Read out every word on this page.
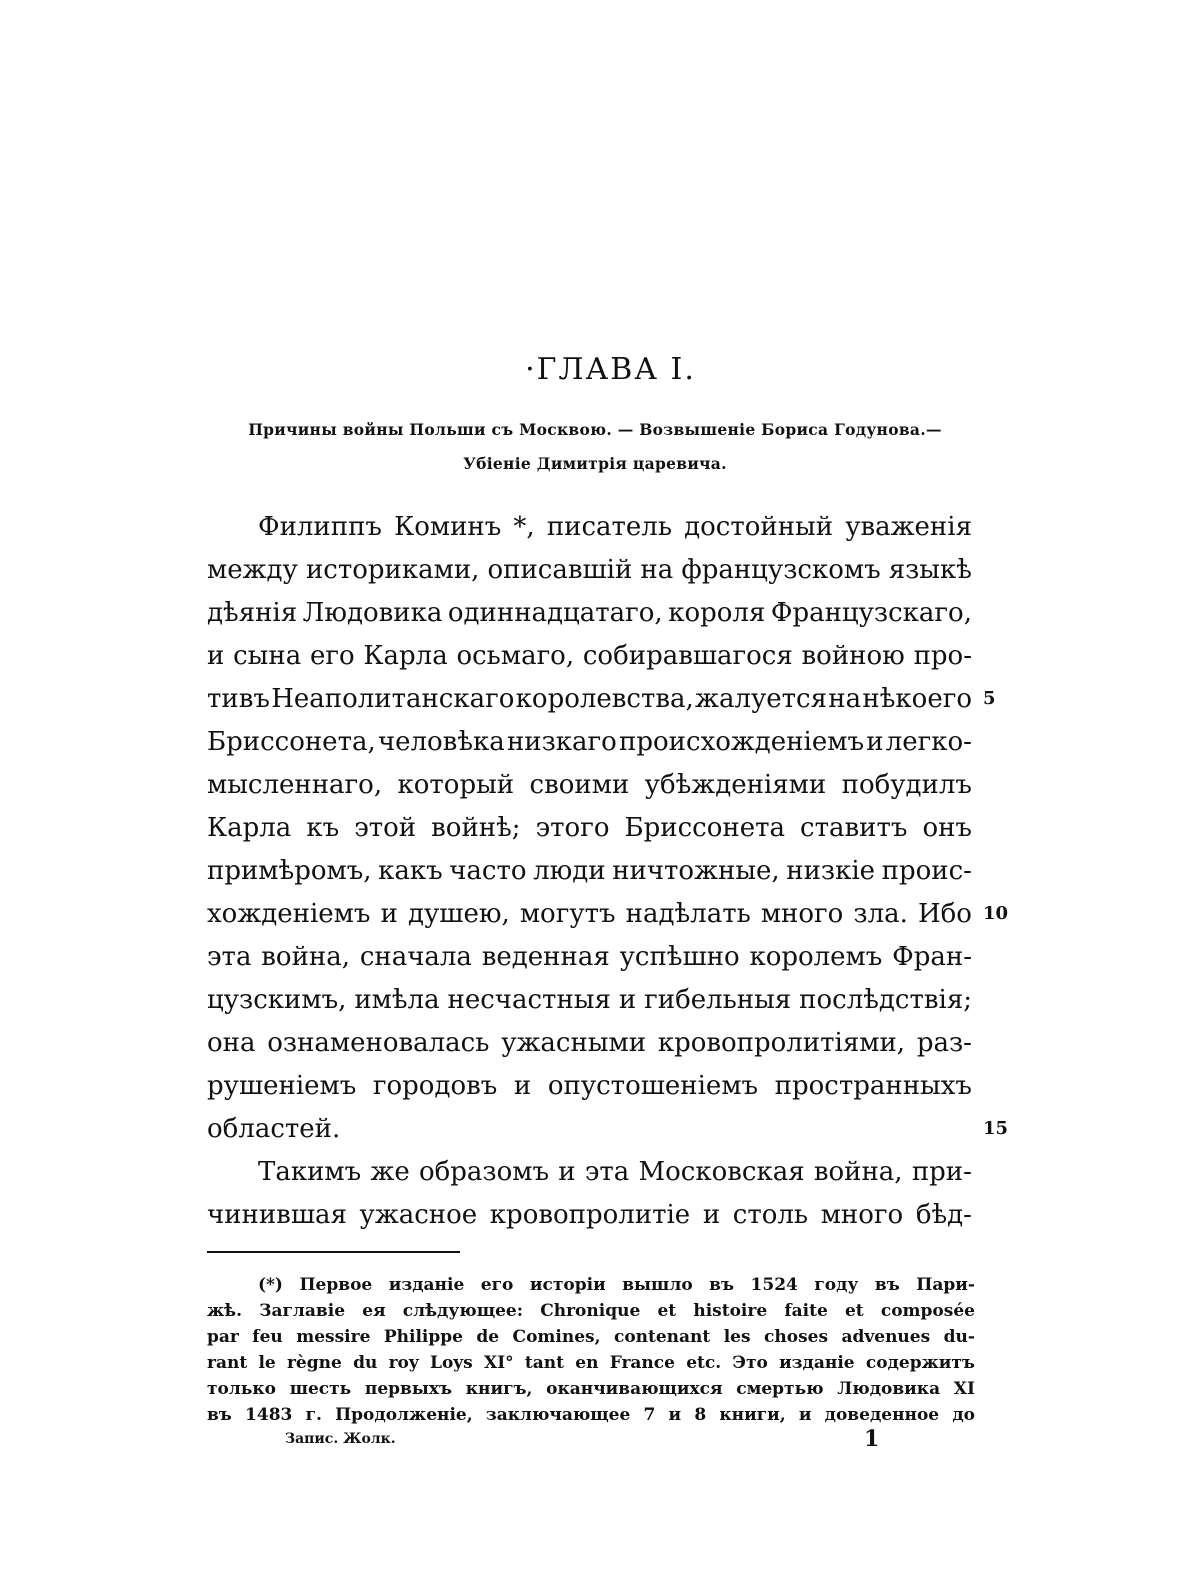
·ГЛАВА I.
Причины войны Польши съ Москвою. — Возвышеніе Бориса Годунова.—
Убіеніе Димитрія царевича.
Филиппъ Коминъ *, писатель достойный уваженія
между историками, описавшій на французскомъ языкѣ
дѣянія Людовика одиннадцатаго, короля Французскаго,
и сына его Карла осьмаго, собиравшагося войною про-
тивъ Неаполитанскаго королевства, жалуется на нѣкоего
Бриссонета, человѣка низкаго происхожденіемъ и легко-
мысленнаго, который своими убѣжденіями побудилъ
Карла къ этой войнѣ; этого Бриссонета ставитъ онъ
примѣромъ, какъ часто люди ничтожные, низкіе проис-
хожденіемъ и душею, могутъ надѣлать много зла. Ибо
эта война, сначала веденная успѣшно королемъ Фран-
цузскимъ, имѣла несчастныя и гибельныя послѣдствія;
она ознаменовалась ужасными кровопролитіями, раз-
рушеніемъ городовъ и опустошеніемъ пространныхъ
областей.
Такимъ же образомъ и эта Московская война, при-
чинившая ужасное кровопролитіе и столь много бѣд-
5
10
15
(*) Первое изданіе его исторіи вышло въ 1524 году въ Пари-
жѣ. Заглавіе ея слѣдующее: Chronique et histoire faite et composée
par feu messire Philippe de Comines, contenant les choses advenues du-
rant le règne du roy Loys XI° tant en France etc. Это изданіе содержитъ
только шесть первыхъ книгъ, оканчивающихся смертью Людовика XI
въ 1483 г. Продолженіе, заключающее 7 и 8 книги, и доведенное до
Запис. Жолк.	1
